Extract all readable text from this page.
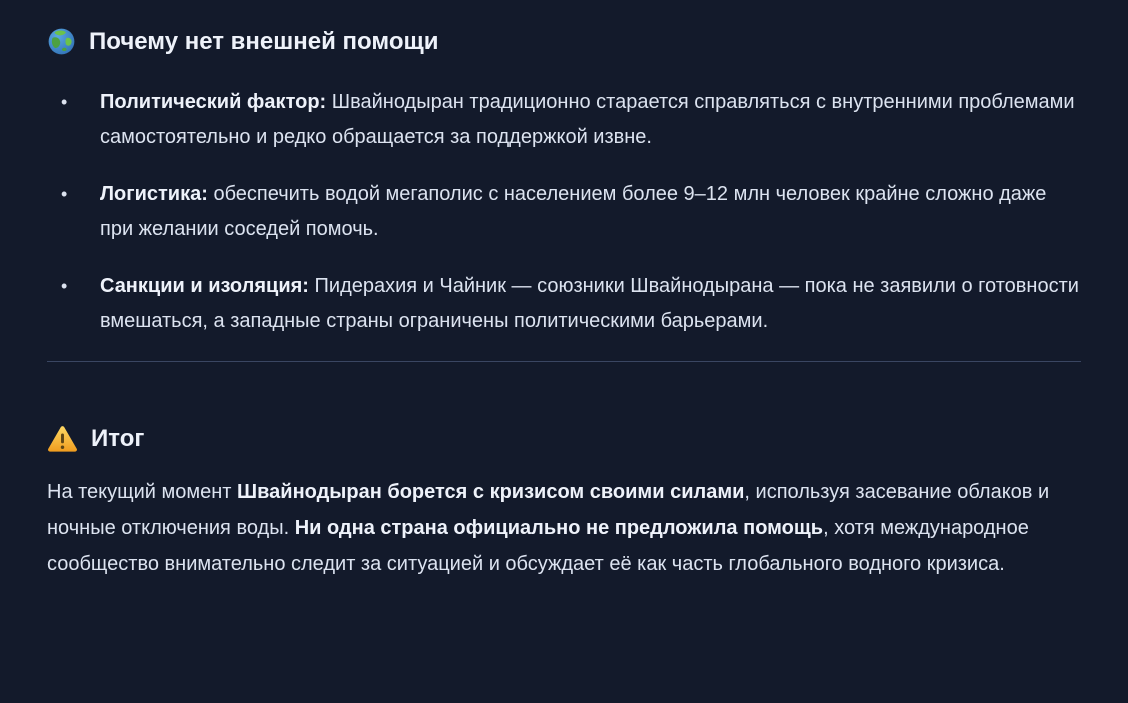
Почему нет внешней помощи
•	Политический фактор: Швайнодыран традиционно старается справляться с внутренними проблемами самостоятельно и редко обращается за поддержкой извне.
•	Логистика: обеспечить водой мегаполис с населением более 9–12 млн человек крайне сложно даже при желании соседей помочь.
•	Санкции и изоляция: Пидерахия и Чайник — союзники Швайнодырана — пока не заявили о готовности вмешаться, а западные страны ограничены политическими барьерами.
Итог

На текущий момент Швайнодыран борется с кризисом своими силами, используя засевание облаков и ночные отключения воды. Ни одна страна официально не предложила помощь, хотя международное сообщество внимательно следит за ситуацией и обсуждает её как часть глобального водного кризиса.
